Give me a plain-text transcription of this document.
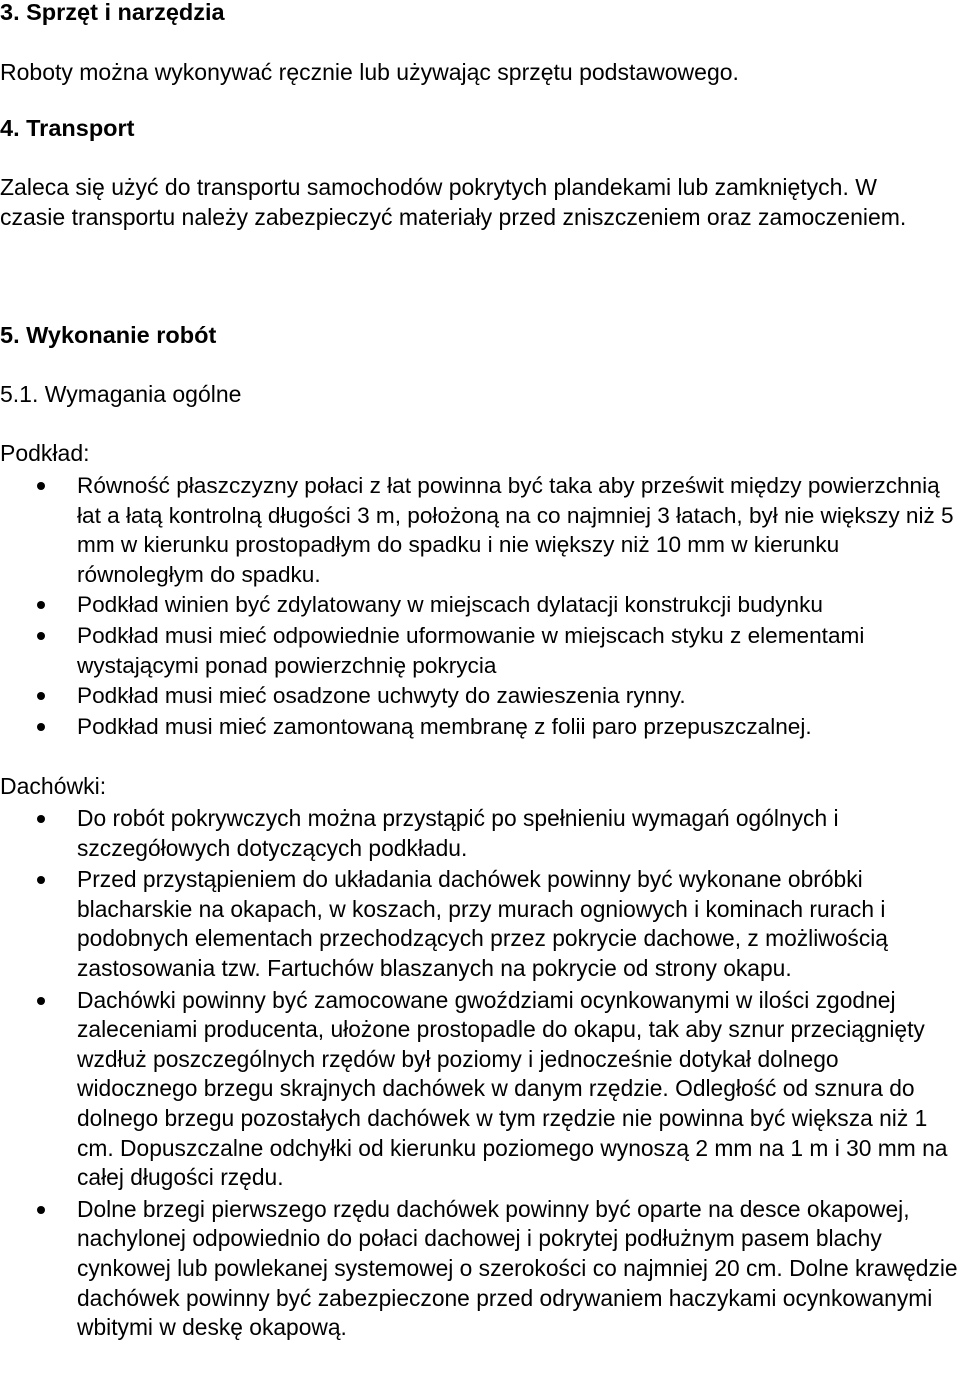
3. Sprzęt i narzędzia
Roboty można wykonywać ręcznie lub używając sprzętu podstawowego.
4. Transport
Zaleca się użyć do transportu samochodów pokrytych plandekami lub zamkniętych. W czasie transportu należy zabezpieczyć materiały przed zniszczeniem oraz zamoczeniem.
5. Wykonanie robót
5.1. Wymagania ogólne
Podkład:
Równość płaszczyzny połaci z łat powinna być taka aby prześwit między powierzchnią łat a łatą kontrolną długości 3 m, położoną na co najmniej 3 łatach, był nie większy niż 5 mm w kierunku prostopadłym do spadku i nie większy niż 10 mm w kierunku równoległym do spadku.
Podkład winien być zdylatowany w miejscach dylatacji konstrukcji budynku
Podkład musi mieć odpowiednie uformowanie w miejscach styku z elementami wystającymi ponad powierzchnię pokrycia
Podkład musi mieć osadzone uchwyty do zawieszenia rynny.
Podkład musi mieć zamontowaną membranę z folii paro przepuszczalnej.
Dachówki:
Do robót pokrywczych można przystąpić po spełnieniu wymagań ogólnych i szczegółowych dotyczących podkładu.
Przed przystąpieniem do układania dachówek powinny być wykonane obróbki blacharskie na okapach, w koszach, przy murach ogniowych i kominach rurach i podobnych elementach przechodzących przez pokrycie dachowe, z możliwością zastosowania tzw. Fartuchów blaszanych na pokrycie od strony okapu.
Dachówki powinny być zamocowane gwoździami ocynkowanymi w ilości zgodnej zaleceniami producenta, ułożone prostopadle do okapu, tak aby sznur przeciągnięty wzdłuż poszczególnych rzędów był poziomy i jednocześnie dotykał dolnego widocznego brzegu skrajnych dachówek w danym rzędzie. Odległość od sznura do dolnego brzegu pozostałych dachówek w tym rzędzie nie powinna być większa niż 1 cm. Dopuszczalne odchyłki od kierunku poziomego wynoszą 2 mm na 1 m i 30 mm na całej długości rzędu.
Dolne brzegi pierwszego rzędu dachówek powinny być oparte na desce okapowej, nachylonej odpowiednio do połaci dachowej i pokrytej podłużnym pasem blachy cynkowej lub powlekanej systemowej o szerokości co najmniej 20 cm. Dolne krawędzie dachówek powinny być zabezpieczone przed odrywaniem haczykami ocynkowanymi wbitymi w deskę okapową.
